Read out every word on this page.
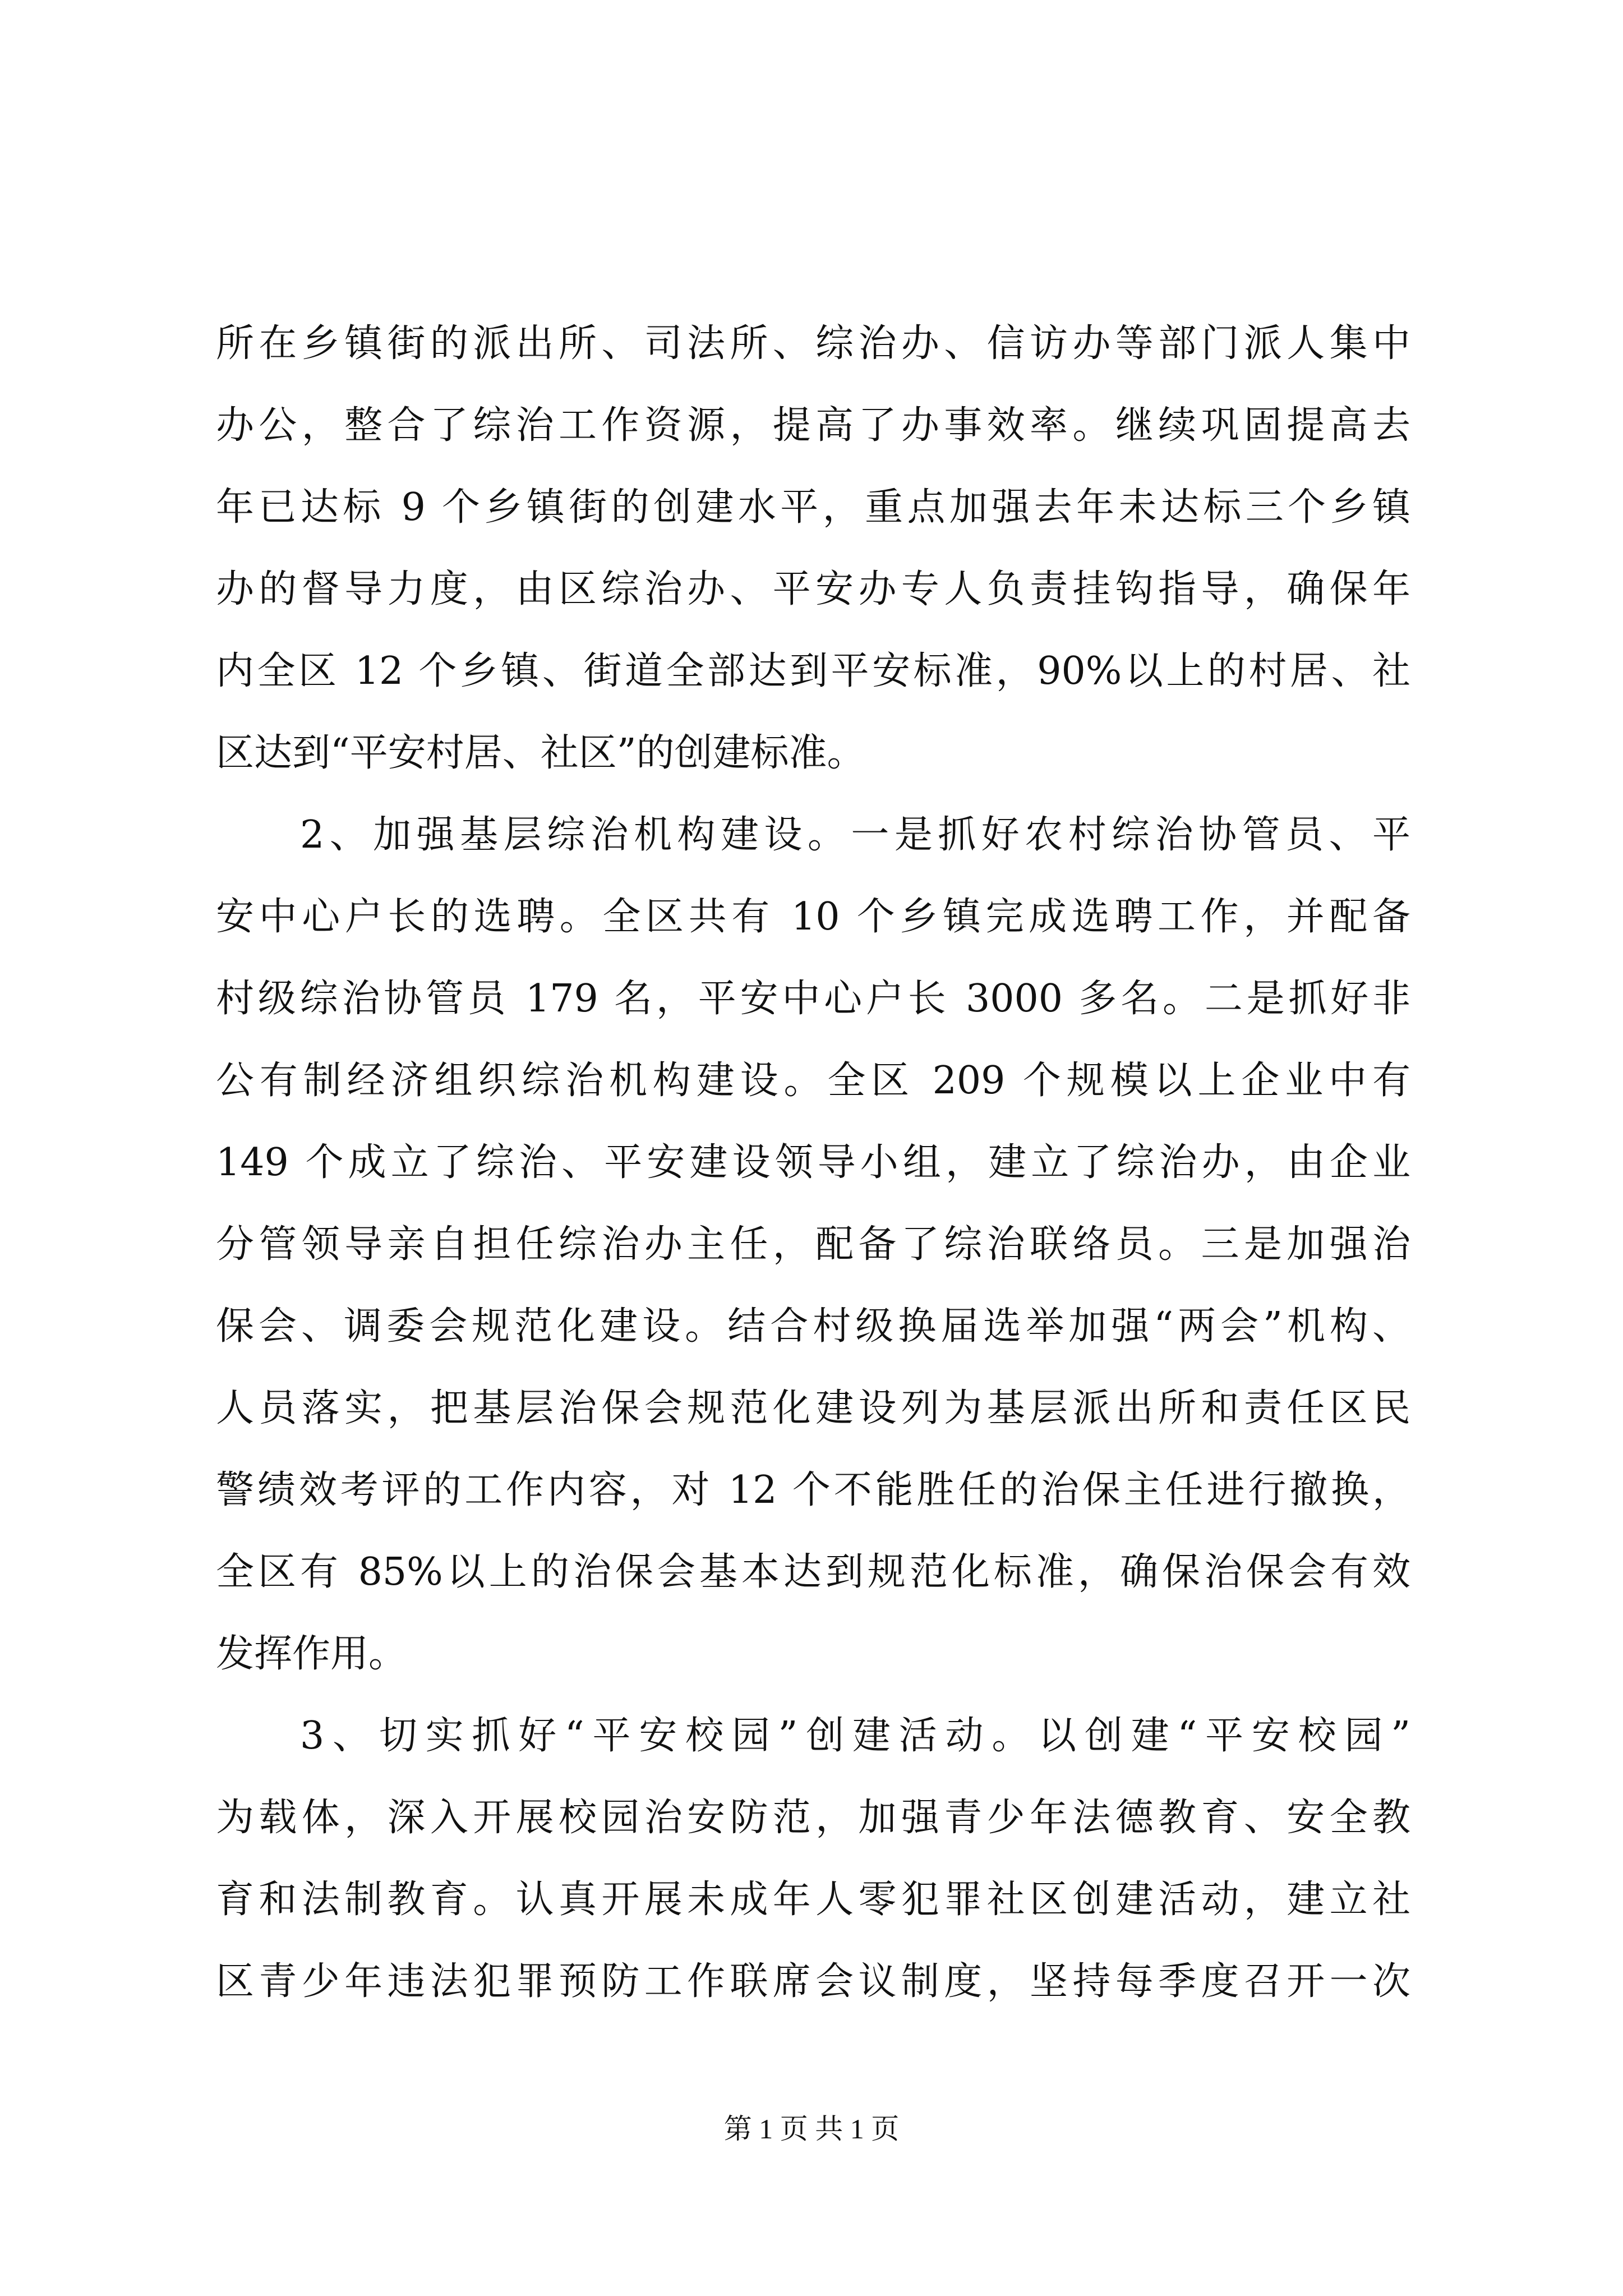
所在乡镇街的派出所、司法所、综治办、信访办等部门派人集中
办公，整合了综治工作资源，提高了办事效率。继续巩固提高去
年已达标 9 个乡镇街的创建水平，重点加强去年未达标三个乡镇
办的督导力度，由区综治办、平安办专人负责挂钩指导，确保年
内全区 12 个乡镇、街道全部达到平安标准，90%以上的村居、社
区达到“平安村居、社区”的创建标准。
2、加强基层综治机构建设。一是抓好农村综治协管员、平
安中心户长的选聘。全区共有 10 个乡镇完成选聘工作，并配备
村级综治协管员 179 名，平安中心户长 3000 多名。二是抓好非
公有制经济组织综治机构建设。全区 209 个规模以上企业中有
149 个成立了综治、平安建设领导小组，建立了综治办，由企业
分管领导亲自担任综治办主任，配备了综治联络员。三是加强治
保会、调委会规范化建设。结合村级换届选举加强“两会”机构、
人员落实，把基层治保会规范化建设列为基层派出所和责任区民
警绩效考评的工作内容，对 12 个不能胜任的治保主任进行撤换，
全区有 85%以上的治保会基本达到规范化标准，确保治保会有效
发挥作用。
3、切实抓好“平安校园”创建活动。以创建“平安校园”
为载体，深入开展校园治安防范，加强青少年法德教育、安全教
育和法制教育。认真开展未成年人零犯罪社区创建活动，建立社
区青少年违法犯罪预防工作联席会议制度，坚持每季度召开一次
第 1 页 共 1 页
